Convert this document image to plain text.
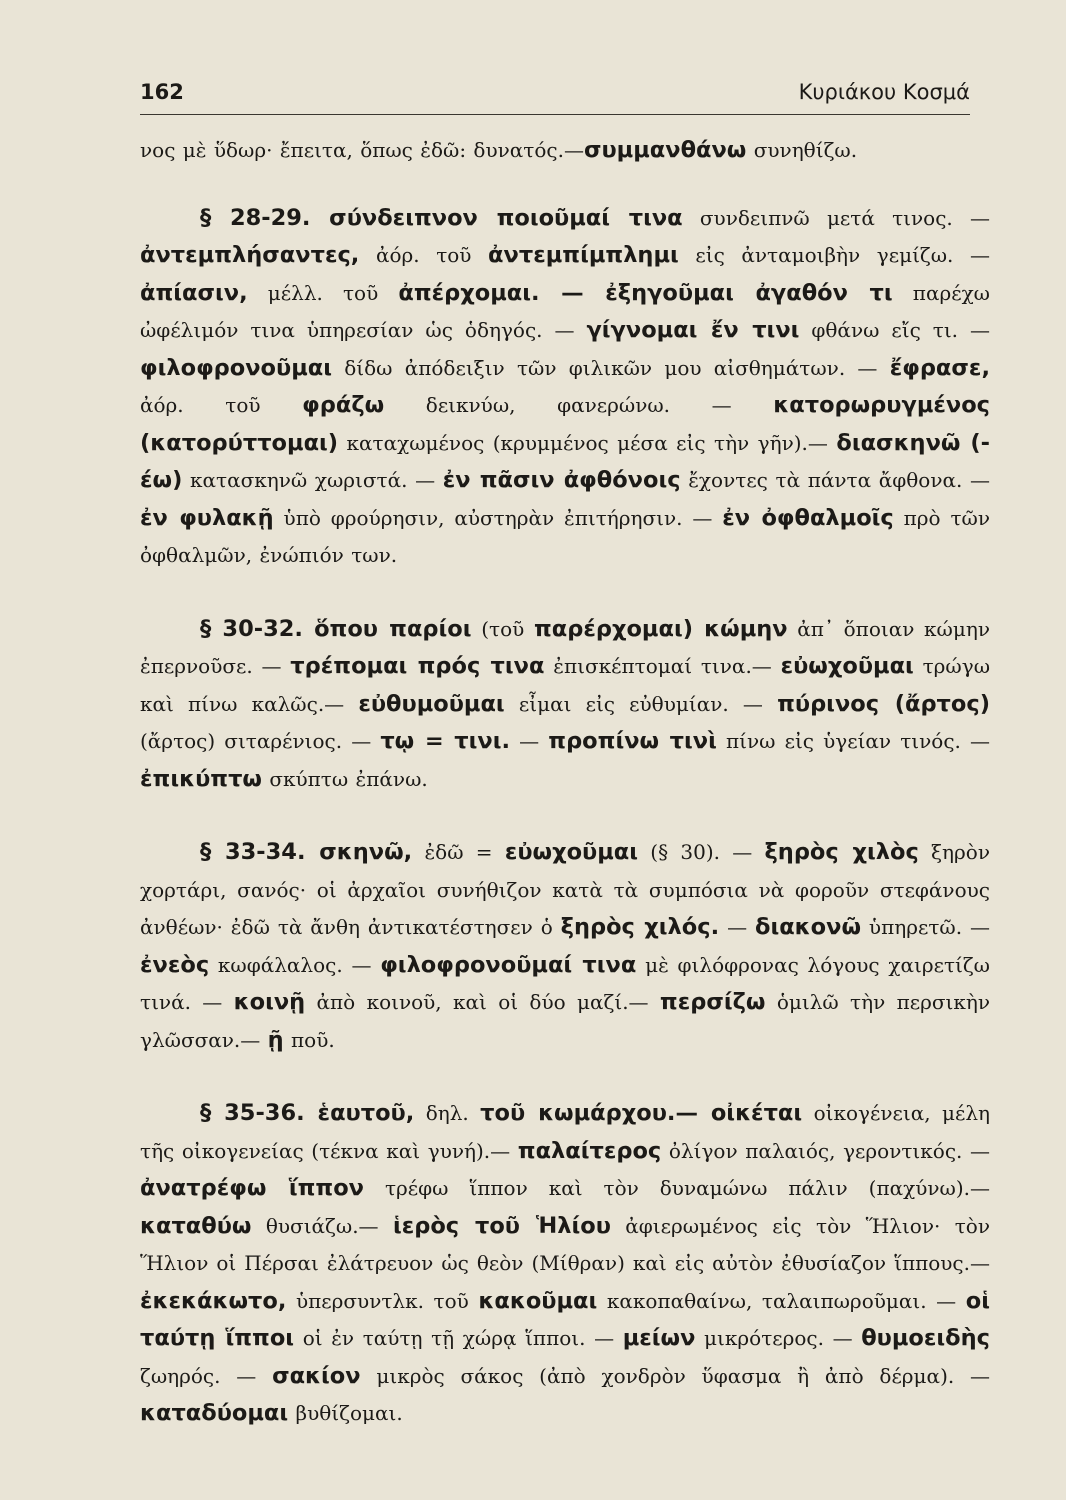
162	Κυριάκου Κοσμά

νος μὲ ὕδωρ· ἔπειτα, ὅπως ἐδῶ: δυνατός.—συμμανθάνω συνηθίζω.

§ 28-29. σύνδειπνον ποιοῦμαί τινα συνδειπνῶ μετά τινος. — ἀντεμπλήσαντες, ἀόρ. τοῦ ἀντεμπίμπλημι εἰς ἀνταμοιβὴν γεμίζω. — ἀπίασιν, μέλλ. τοῦ ἀπέρχομαι. — ἐξηγοῦμαι ἀγαθόν τι παρέχω ὠφέλιμόν τινα ὑπηρεσίαν ὡς ὁδηγός. — γίγνομαι ἔν τινι φθάνω εἴς τι. — φιλοφρονοῦμαι δίδω ἀπόδειξιν τῶν φιλικῶν μου αἰσθημάτων. — ἔφρασε, ἀόρ. τοῦ φράζω δεικνύω, φανερώνω. — κατορωρυγμένος (κατορύττομαι) καταχωμένος (κρυμμένος μέσα εἰς τὴν γῆν).— διασκηνῶ (-έω) κατασκηνῶ χωριστά. — ἐν πᾶσιν ἀφθόνοις ἔχοντες τὰ πάντα ἄφθονα. — ἐν φυλακῇ ὑπὸ φρούρησιν, αὐστηρὰν ἐπιτήρησιν. — ἐν ὀφθαλμοῖς πρὸ τῶν ὀφθαλμῶν, ἐνώπιόν των.

§ 30-32. ὅπου παρίοι (τοῦ παρέρχομαι) κώμην ἀπ᾽ ὅποιαν κώμην ἐπερνοῦσε. — τρέπομαι πρός τινα ἐπισκέπτομαί τινα.— εὐωχοῦμαι τρώγω καὶ πίνω καλῶς.— εὐθυμοῦμαι εἶμαι εἰς εὐθυμίαν. — πύρινος (ἄρτος) (ἄρτος) σιταρένιος. — τῳ = τινι. — προπίνω τινὶ πίνω εἰς ὑγείαν τινός. — ἐπικύπτω σκύπτω ἐπάνω.

§ 33-34. σκηνῶ, ἐδῶ = εὐωχοῦμαι (§ 30). — ξηρὸς χιλὸς ξηρὸν χορτάρι, σανός· οἱ ἀρχαῖοι συνήθιζον κατὰ τὰ συμπόσια νὰ φοροῦν στεφάνους ἀνθέων· ἐδῶ τὰ ἄνθη ἀντικατέστησεν ὁ ξηρὸς χιλός. — διακονῶ ὑπηρετῶ. — ἐνεὸς κωφάλαλος. — φιλοφρονοῦμαί τινα μὲ φιλόφρονας λόγους χαιρετίζω τινά. — κοινῇ ἀπὸ κοινοῦ, καὶ οἱ δύο μαζί.— περσίζω ὁμιλῶ τὴν περσικὴν γλῶσσαν.— ῇ ποῦ.

§ 35-36. ἑαυτοῦ, δηλ. τοῦ κωμάρχου.— οἰκέται οἰκογένεια, μέλη τῆς οἰκογενείας (τέκνα καὶ γυνή).— παλαίτερος ὀλίγον παλαιός, γεροντικός. — ἀνατρέφω ἵππον τρέφω ἵππον καὶ τὸν δυναμώνω πάλιν (παχύνω).— καταθύω θυσιάζω.— ἱερὸς τοῦ Ἡλίου ἀφιερωμένος εἰς τὸν Ἥλιον· τὸν Ἥλιον οἱ Πέρσαι ἐλάτρευον ὡς θεὸν (Μίθραν) καὶ εἰς αὐτὸν ἐθυσίαζον ἵππους.— ἐκεκάκωτο, ὑπερσυντλκ. τοῦ κακοῦμαι κακοπαθαίνω, ταλαιπωροῦμαι. — οἱ ταύτῃ ἵπποι οἱ ἐν ταύτῃ τῇ χώρᾳ ἵπποι. — μείων μικρότερος. — θυμοειδὴς ζωηρός. — σακίον μικρὸς σάκος (ἀπὸ χονδρὸν ὕφασμα ἢ ἀπὸ δέρμα). — καταδύομαι βυθίζομαι.
